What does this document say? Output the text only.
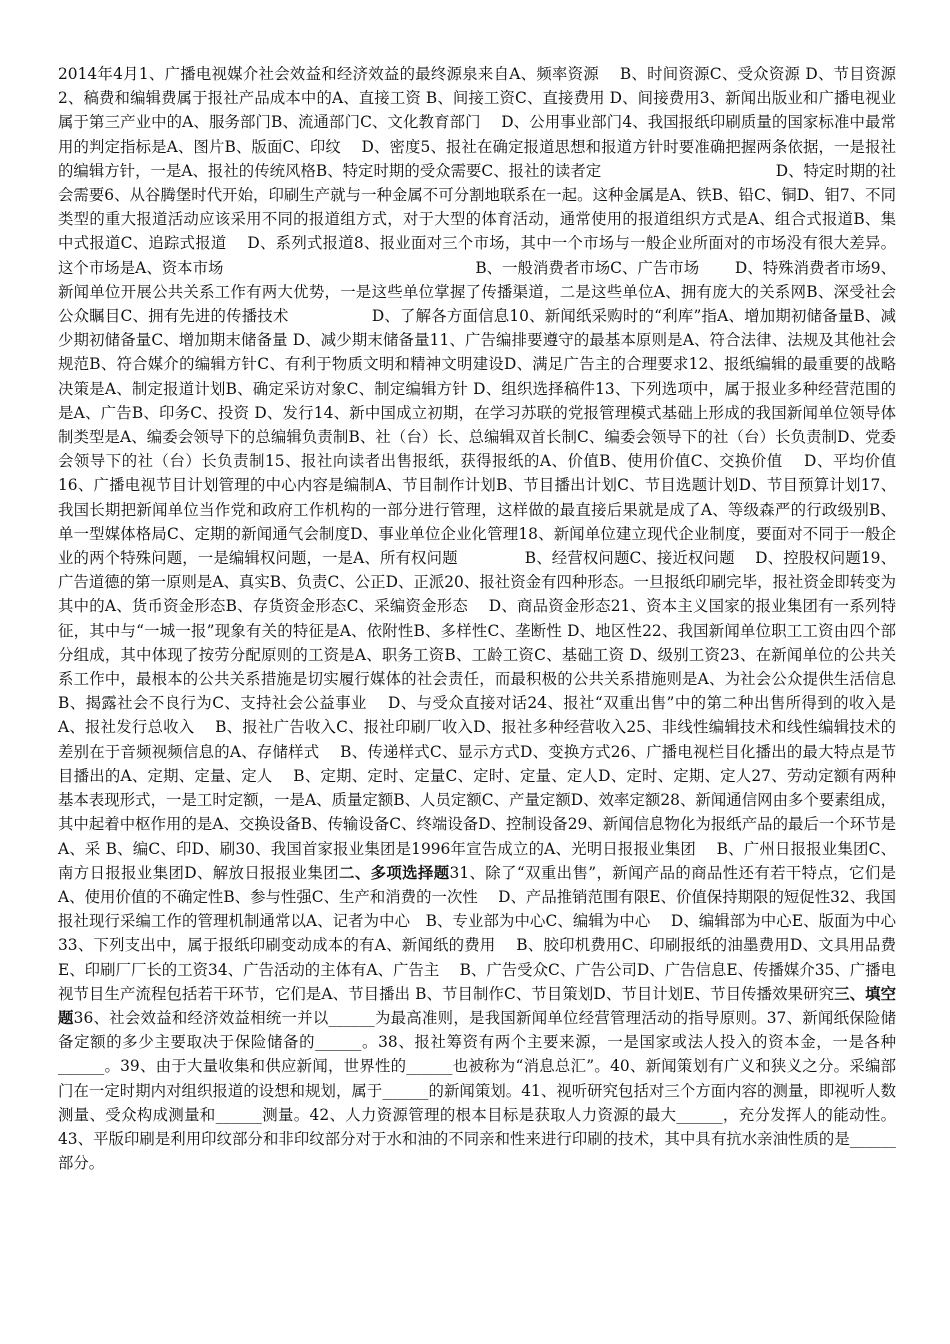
2014年4月1、广播电视媒介社会效益和经济效益的最终源泉来自A、频率资源　 B、时间资源C、受众资源 D、节目资源2、稿费和编辑费属于报社产品成本中的A、直接工资 B、间接工资C、直接费用 D、间接费用3、新闻出版业和广播电视业属于第三产业中的A、服务部门B、流通部门C、文化教育部门　 D、公用事业部门4、我国报纸印刷质量的国家标准中最常用的判定指标是A、图片B、版面C、印纹　 D、密度5、报社在确定报道思想和报道方针时要准确把握两条依据，一是报社的编辑方针，一是A、报社的传统风格B、特定时期的受众需要C、报社的读者定　　　　　　　　　　　 D、特定时期的社会需要6、从谷腾堡时代开始，印刷生产就与一种金属不可分割地联系在一起。这种金属是A、铁B、铅C、铜D、钼7、不同类型的重大报道活动应该采用不同的报道组方式，对于大型的体育活动，通常使用的报道组织方式是A、组合式报道B、集中式报道C、追踪式报道　 D、系列式报道8、报业面对三个市场，其中一个市场与一般企业所面对的市场没有很大差异。这个市场是A、资本市场　　　　　　　　　　　　　　　　 B、一般消费者市场C、广告市场　　 D、特殊消费者市场9、新闻单位开展公共关系工作有两大优势，一是这些单位掌握了传播渠道，二是这些单位A、拥有庞大的关系网B、深受社会公众瞩目C、拥有先进的传播技术　　　　　 D、了解各方面信息10、新闻纸采购时的“利库”指A、增加期初储备量B、减少期初储备量C、增加期末储备量 D、减少期末储备量11、广告编排要遵守的最基本原则是A、符合法律、法规及其他社会规范B、符合媒介的编辑方针C、有利于物质文明和精神文明建设D、满足广告主的合理要求12、报纸编辑的最重要的战略决策是A、制定报道计划B、确定采访对象C、制定编辑方针 D、组织选择稿件13、下列选项中，属于报业多种经营范围的是A、广告B、印务C、投资 D、发行14、新中国成立初期，在学习苏联的党报管理模式基础上形成的我国新闻单位领导体制类型是A、编委会领导下的总编辑负责制B、社（台）长、总编辑双首长制C、编委会领导下的社（台）长负责制D、党委会领导下的社（台）长负责制15、报社向读者出售报纸，获得报纸的A、价值B、使用价值C、交换价值　 D、平均价值16、广播电视节目计划管理的中心内容是编制A、节目制作计划B、节目播出计划C、节目选题计划D、节目预算计划17、我国长期把新闻单位当作党和政府工作机构的一部分进行管理，这样做的最直接后果就是成了A、等级森严的行政级别B、单一型媒体格局C、定期的新闻通气会制度D、事业单位企业化管理18、新闻单位建立现代企业制度，要面对不同于一般企业的两个特殊问题，一是编辑权问题，一是A、所有权问题　　　　 B、经营权问题C、接近权问题　 D、控股权问题19、广告道德的第一原则是A、真实B、负责C、公正D、正派20、报社资金有四种形态。一旦报纸印刷完毕，报社资金即转变为其中的A、货币资金形态B、存货资金形态C、采编资金形态　 D、商品资金形态21、资本主义国家的报业集团有一系列特征，其中与“一城一报”现象有关的特征是A、依附性B、多样性C、垄断性 D、地区性22、我国新闻单位职工工资由四个部分组成，其中体现了按劳分配原则的工资是A、职务工资B、工龄工资C、基础工资 D、级别工资23、在新闻单位的公共关系工作中，最根本的公共关系措施是切实履行媒体的社会责任，而最积极的公共关系措施则是A、为社会公众提供生活信息B、揭露社会不良行为C、支持社会公益事业　 D、与受众直接对话24、报社“双重出售”中的第二种出售所得到的收入是A、报社发行总收入　 B、报社广告收入C、报社印刷厂收入D、报社多种经营收入25、非线性编辑技术和线性编辑技术的差别在于音频视频信息的A、存储样式　 B、传递样式C、显示方式D、变换方式26、广播电视栏目化播出的最大特点是节目播出的A、定期、定量、定人　 B、定期、定时、定量C、定时、定量、定人D、定时、定期、定人27、劳动定额有两种基本表现形式，一是工时定额，一是A、质量定额B、人员定额C、产量定额D、效率定额28、新闻通信网由多个要素组成，其中起着中枢作用的是A、交换设备B、传输设备C、终端设备D、控制设备29、新闻信息物化为报纸产品的最后一个环节是A、采 B、编C、印D、刷30、我国首家报业集团是1996年宣告成立的A、光明日报报业集团　 B、广州日报报业集团C、南方日报报业集团D、解放日报报业集团二、多项选择题31、除了“双重出售”，新闻产品的商品性还有若干特点，它们是A、使用价值的不确定性B、参与性强C、生产和消费的一次性　 D、产品推销范围有限E、价值保持期限的短促性32、我国报社现行采编工作的管理机制通常以A、记者为中心　B、专业部为中心C、编辑为中心　 D、编辑部为中心E、版面为中心33、下列支出中，属于报纸印刷变动成本的有A、新闻纸的费用　 B、胶印机费用C、印刷报纸的油墨费用D、文具用品费E、印刷厂厂长的工资34、广告活动的主体有A、广告主　 B、广告受众C、广告公司D、广告信息E、传播媒介35、广播电视节目生产流程包括若干环节，它们是A、节目播出 B、节目制作C、节目策划D、节目计划E、节目传播效果研究三、填空题36、社会效益和经济效益相统一并以______为最高准则，是我国新闻单位经营管理活动的指导原则。37、新闻纸保险储备定额的多少主要取决于保险储备的______。38、报社筹资有两个主要来源，一是国家或法人投入的资本金，一是各种______。39、由于大量收集和供应新闻，世界性的______也被称为“消息总汇”。40、新闻策划有广义和狭义之分。采编部门在一定时期内对组织报道的设想和规划，属于______的新闻策划。41、视听研究包括对三个方面内容的测量，即视听人数测量、受众构成测量和______测量。42、人力资源管理的根本目标是获取人力资源的最大______，充分发挥人的能动性。43、平版印刷是利用印纹部分和非印纹部分对于水和油的不同亲和性来进行印刷的技术，其中具有抗水亲油性质的是______部分。
